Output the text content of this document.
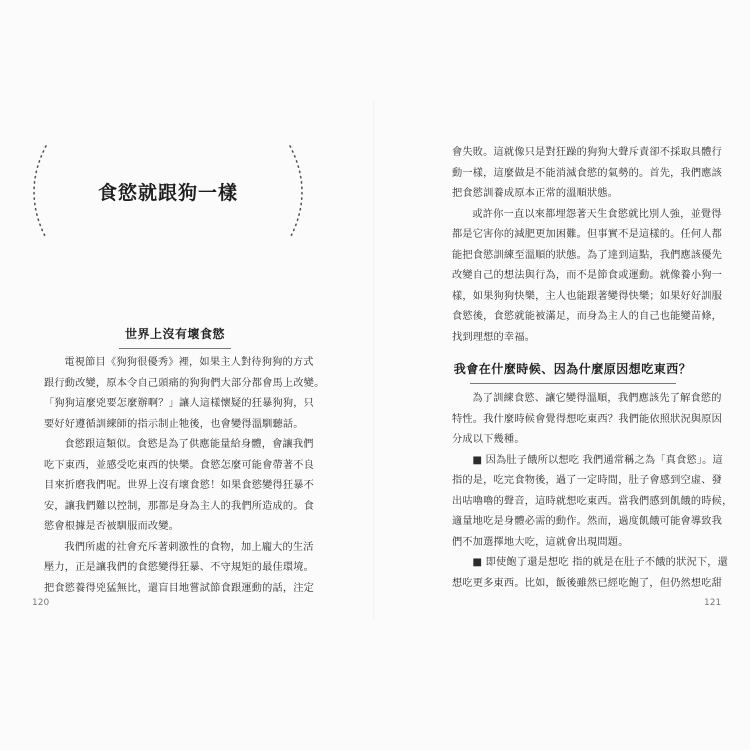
食慾就跟狗一樣
世界上沒有壞食慾

電視節目《狗狗很優秀》裡，如果主人對待狗狗的方式

跟行動改變，原本令自己頭痛的狗狗們大部分都會馬上改變。

「狗狗這麼兇要怎麼辦啊？」讓人這樣懷疑的狂暴狗狗，只

要好好遵循訓練師的指示制止牠後，也會變得溫馴聽話。

食慾跟這類似。食慾是為了供應能量給身體，會讓我們

吃下東西，並感受吃東西的快樂。食慾怎麼可能會帶著不良

目來折磨我們呢。世界上沒有壞食慾！如果食慾變得狂暴不

安，讓我們難以控制，那都是身為主人的我們所造成的。食

慾會根據是否被馴服而改變。

我們所處的社會充斥著刺激性的食物，加上龐大的生活

壓力，正是讓我們的食慾變得狂暴、不守規矩的最佳環境。

把食慾養得兇猛無比，還盲目地嘗試節食跟運動的話，注定

120

會失敗。這就像只是對狂躁的狗狗大聲斥責卻不採取具體行

動一樣，這麼做是不能消滅食慾的氣勢的。首先，我們應該

把食慾訓養成原本正常的溫順狀態。

或許你一直以來都埋怨著天生食慾就比別人強，並覺得

都是它害你的減肥更加困難。但事實不是這樣的。任何人都

能把食慾訓練至溫順的狀態。為了達到這點，我們應該優先

改變自己的想法與行為，而不是節食或運動。就像養小狗一

樣，如果狗狗快樂，主人也能跟著變得快樂；如果好好訓服

食慾後，食慾就能被滿足，而身為主人的自己也能變苗條，

找到理想的幸福。

我會在什麼時候、因為什麼原因想吃東西？

為了訓練食慾、讓它變得溫順，我們應該先了解食慾的

特性。我什麼時候會覺得想吃東西？我們能依照狀況與原因

分成以下幾種。

■ 因為肚子餓所以想吃 我們通常稱之為「真食慾」。這

指的是，吃完食物後，過了一定時間，肚子會感到空虛、發

出咕嚕嚕的聲音，這時就想吃東西。當我們感到飢餓的時候，

適量地吃是身體必需的動作。然而，過度飢餓可能會導致我

們不加選擇地大吃，這就會出現問題。

■ 即使飽了還是想吃 指的就是在肚子不餓的狀況下，還

想吃更多東西。比如，飯後雖然已經吃飽了，但仍然想吃甜

121
